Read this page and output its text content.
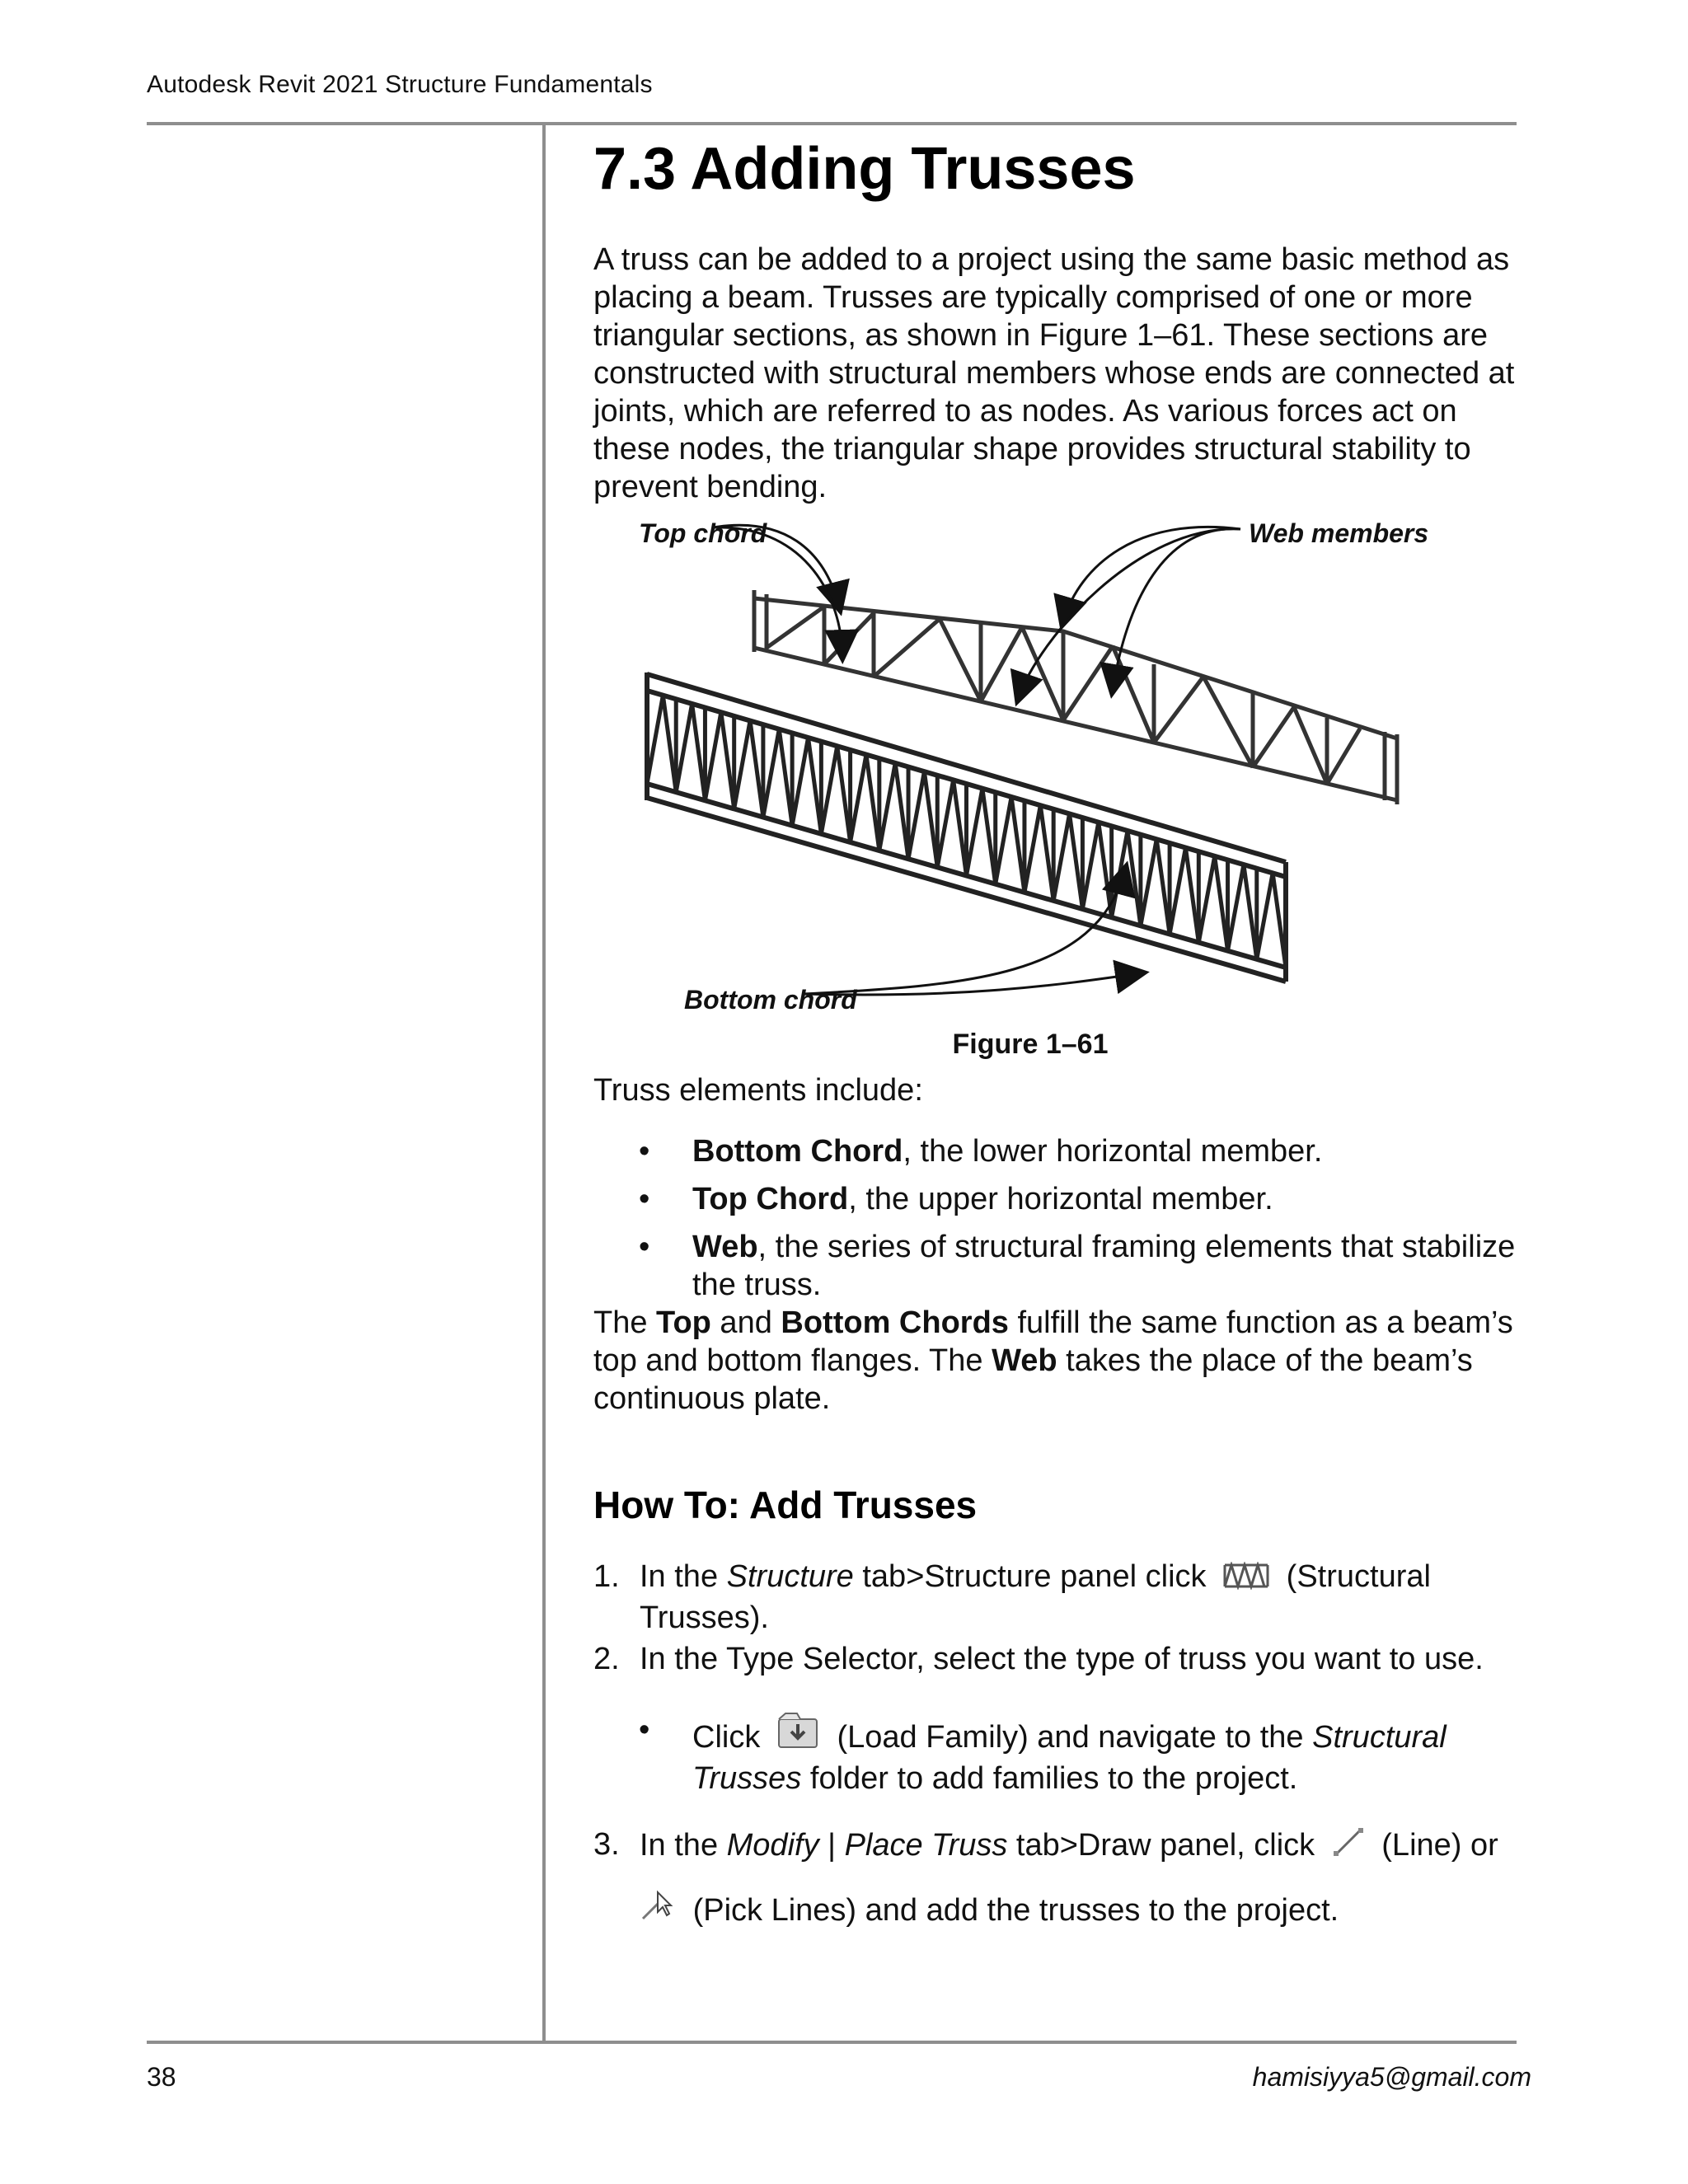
Autodesk Revit 2021 Structure Fundamentals
7.3 Adding Trusses

A truss can be added to a project using the same basic method as placing a beam. Trusses are typically comprised of one or more triangular sections, as shown in Figure 1–61. These sections are constructed with structural members whose ends are connected at joints, which are referred to as nodes. As various forces act on these nodes, the triangular shape provides structural stability to prevent bending.

Top chord	Web members
Bottom chord
Figure 1–61

Truss elements include:

• Bottom Chord, the lower horizontal member.
• Top Chord, the upper horizontal member.
• Web, the series of structural framing elements that stabilize the truss.

The Top and Bottom Chords fulfill the same function as a beam’s top and bottom flanges. The Web takes the place of the beam’s continuous plate.

How To: Add Trusses
1. In the Structure tab>Structure panel click	(Structural Trusses).
2. In the Type Selector, select the type of truss you want to use.
• Click (Load Family) and navigate to the Structural Trusses folder to add families to the project.
3. In the Modify | Place Truss tab>Draw panel, click (Line) or

(Pick Lines) and add the trusses to the project.

38	hamisiyya5@gmail.com
